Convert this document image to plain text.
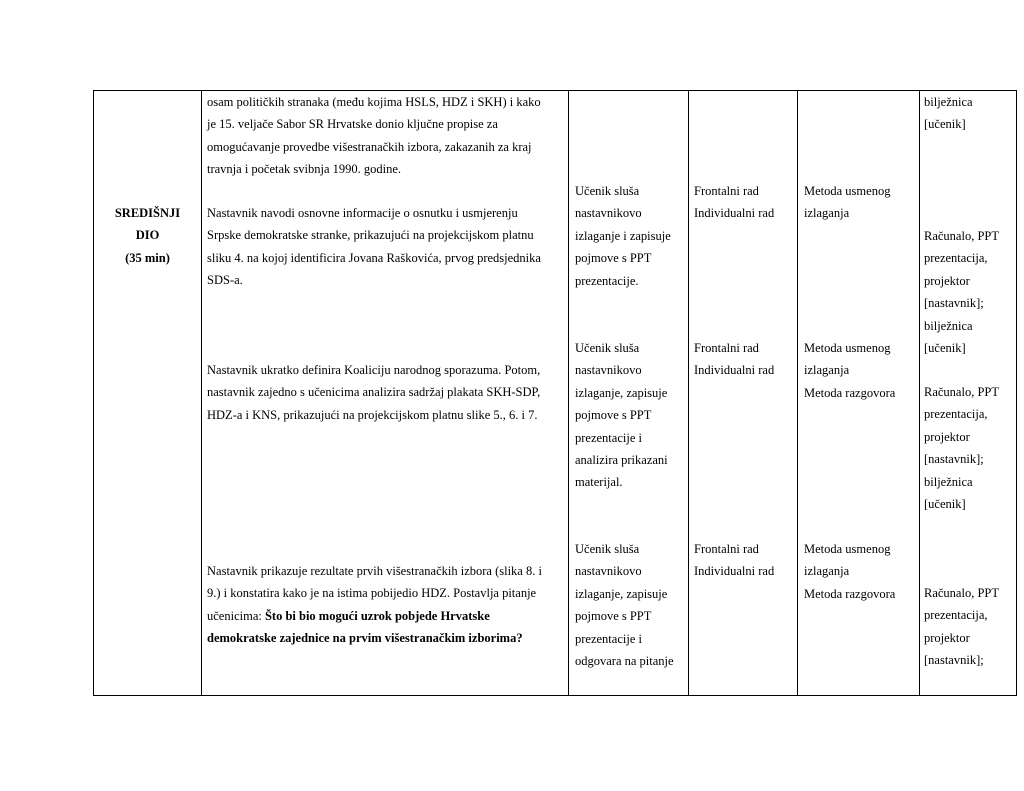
SREDIŠNJI
DIO
(35 min)
osam političkih stranaka (među kojima HSLS, HDZ i SKH) i kako
je 15. veljače Sabor SR Hrvatske donio ključne propise za
omogućavanje provedbe višestranačkih izbora, zakazanih za kraj
travnja i početak svibnja 1990. godine.
Nastavnik navodi osnovne informacije o osnutku i usmjerenju
Srpske demokratske stranke, prikazujući na projekcijskom platnu
sliku 4. na kojoj identificira Jovana Raškovića, prvog predsjednika
SDS-a.
Nastavnik ukratko definira Koaliciju narodnog sporazuma. Potom,
nastavnik zajedno s učenicima analizira sadržaj plakata SKH-SDP,
HDZ-a i KNS, prikazujući na projekcijskom platnu slike 5., 6. i 7.
Nastavnik prikazuje rezultate prvih višestranačkih izbora (slika 8. i
9.) i konstatira kako je na istima pobijedio HDZ. Postavlja pitanje
učenicima: Što bi bio mogući uzrok pobjede Hrvatske
demokratske zajednice na prvim višestranačkim izborima?
Učenik sluša
nastavnikovo
izlaganje i zapisuje
pojmove s PPT
prezentacije.
Učenik sluša
nastavnikovo
izlaganje, zapisuje
pojmove s PPT
prezentacije i
analizira prikazani
materijal.
Učenik sluša
nastavnikovo
izlaganje, zapisuje
pojmove s PPT
prezentacije i
odgovara na pitanje
Frontalni rad
Individualni rad
Frontalni rad
Individualni rad
Frontalni rad
Individualni rad
Metoda usmenog
izlaganja
Metoda usmenog
izlaganja
Metoda razgovora
Metoda usmenog
izlaganja
Metoda razgovora
bilježnica
[učenik]
Računalo, PPT
prezentacija,
projektor
[nastavnik];
bilježnica
[učenik]
Računalo, PPT
prezentacija,
projektor
[nastavnik];
bilježnica
[učenik]
Računalo, PPT
prezentacija,
projektor
[nastavnik];
